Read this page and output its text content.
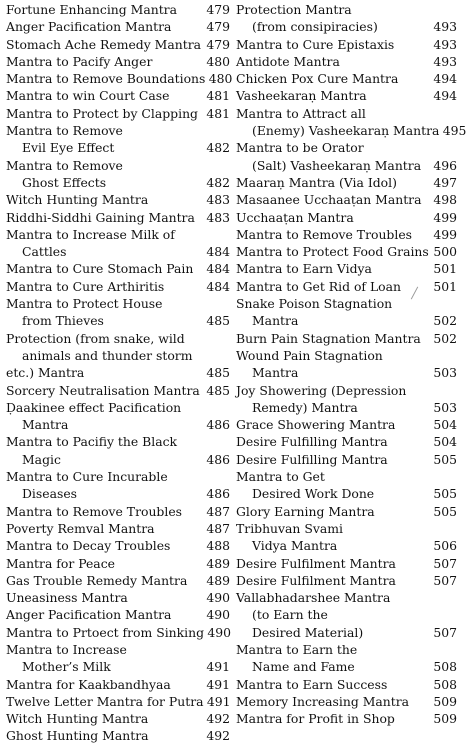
Fortune Enhancing Mantra	479
Anger Pacification Mantra	479
Stomach Ache Remedy Mantra 479
Mantra to Pacify Anger	480
Mantra to Remove Boundations 480
Mantra to win Court Case	481
Mantra to Protect by Clapping 481
Mantra to Remove
Evil Eye Effect	482
Mantra to Remove
Ghost Effects	482
Witch Hunting Mantra	483
Riddhi-Siddhi Gaining Mantra 483
Mantra to Increase Milk of
Cattles	484
Mantra to Cure Stomach Pain	484
Mantra to Cure Arthiritis	484
Mantra to Protect House
from Thieves	485
Protection (from snake, wild
animals and thunder storm
etc.) Mantra	485
Sorcery Neutralisation Mantra 485
Ḍaakinee effect Pacification
Mantra	486
Mantra to Pacifiy the Black
Magic	486
Mantra to Cure Incurable
Diseases	486
Mantra to Remove Troubles	487
Poverty Remval Mantra	487
Mantra to Decay Troubles	488
Mantra for Peace	489
Gas Trouble Remedy Mantra	489
Uneasiness Mantra	490
Anger Pacification Mantra	490
Mantra to Prtoect from Sinking 490
Mantra to Increase
Mother’s Milk	491
Mantra for Kaakbandhyaa	491
Twelve Letter Mantra for Putra 491
Witch Hunting Mantra	492
Ghost Hunting Mantra	492
Protection Mantra
(from consipiracies)	493
Mantra to Cure Epistaxis	493
Antidote Mantra	493
Chicken Pox Cure Mantra	494
Vasheekaraṇ Mantra	494
Mantra to Attract all
(Enemy) Vasheekaraṇ Mantra 495
Mantra to be Orator
(Salt) Vasheekaraṇ Mantra 496
Maaraṇ Mantra (Via Idol)	497
Masaanee Ucchaaṭan Mantra 498
Ucchaaṭan Mantra	499
Mantra to Remove Troubles	499
Mantra to Protect Food Grains 500
Mantra to Earn Vidya	501
Mantra to Get Rid of Loan	501
Snake Poison Stagnation
Mantra	502
Burn Pain Stagnation Mantra	502
Wound Pain Stagnation
Mantra	503
Joy Showering (Depression
Remedy) Mantra	503
Grace Showering Mantra	504
Desire Fulfilling Mantra	504
Desire Fulfilling Mantra	505
Mantra to Get
Desired Work Done	505
Glory Earning Mantra	505
Tribhuvan Svami
Vidya Mantra	506
Desire Fulfilment Mantra	507
Desire Fulfilment Mantra	507
Vallabhadarshee Mantra
(to Earn the
Desired Material)	507
Mantra to Earn the
Name and Fame	508
Mantra to Earn Success	508
Memory Increasing Mantra	509
Mantra for Profit in Shop	509
